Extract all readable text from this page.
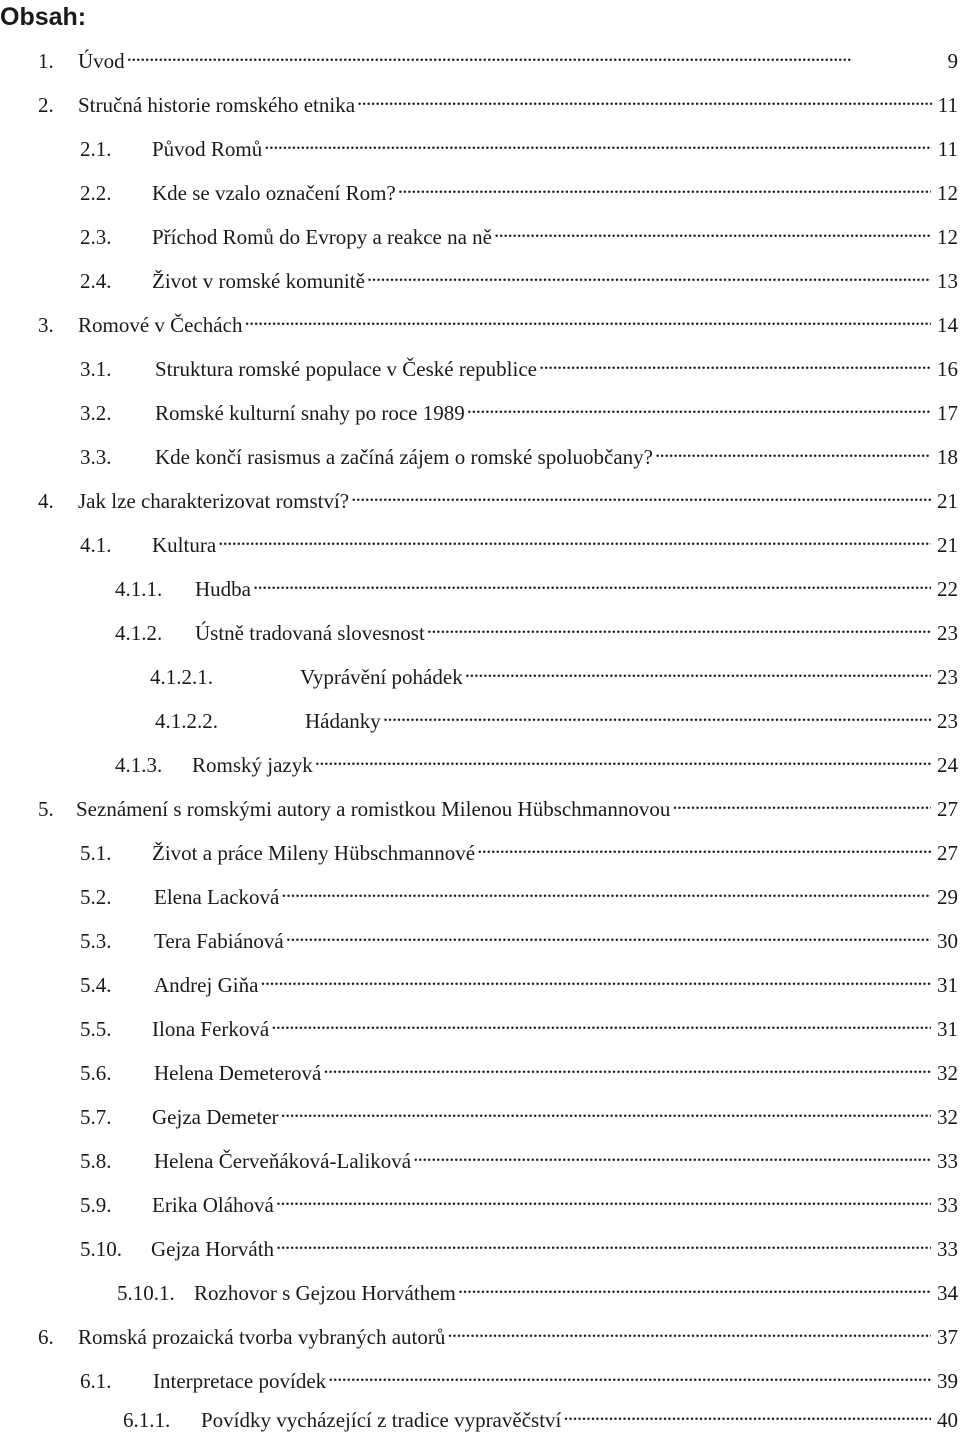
Obsah:
1.	Úvod . . .	9
2.	Stručná historie romského etnika . . .	11
2.1.	Původ Romů . . .	11
2.2.	Kde se vzalo označení Rom? . . .	12
2.3.	Příchod Romů do Evropy a reakce na ně . . .	12
2.4.	Život v romské komunitě . . .	13
3.	Romové v Čechách . . .	14
3.1.	Struktura romské populace v České republice . . .	16
3.2.	Romské kulturní snahy po roce 1989 . . .	17
3.3.	Kde končí rasismus a začíná zájem o romské spoluobčany? . . .	18
4.	Jak lze charakterizovat romství? . . .	21
4.1.	Kultura . . .	21
4.1.1.	Hudba . . .	22
4.1.2.	Ústně tradovaná slovesnost . . .	23
4.1.2.1.	Vyprávění pohádek . . .	23
4.1.2.2.	Hádanky . . .	23
4.1.3.	Romský jazyk . . .	24
5.	Seznámení s romskými autory a romistkou Milenou Hübschmannovou . . .	27
5.1.	Život a práce Mileny Hübschmannové . . .	27
5.2.	Elena Lacková . . .	29
5.3.	Tera Fabiánová . . .	30
5.4.	Andrej Giňa . . .	31
5.5.	Ilona Ferková . . .	31
5.6.	Helena Demeterová . . .	32
5.7.	Gejza Demeter . . .	32
5.8.	Helena Červeňáková-Laliková . . .	33
5.9.	Erika Oláhová . . .	33
5.10.	Gejza Horváth . . .	33
5.10.1. Rozhovor s Gejzou Horváthem . . .	34
6.	Romská prozaická tvorba vybraných autorů . . .	37
6.1.	Interpretace povídek . . .	39
6.1.1.	Povídky vycházející z tradice vypravěčství . . .	40
